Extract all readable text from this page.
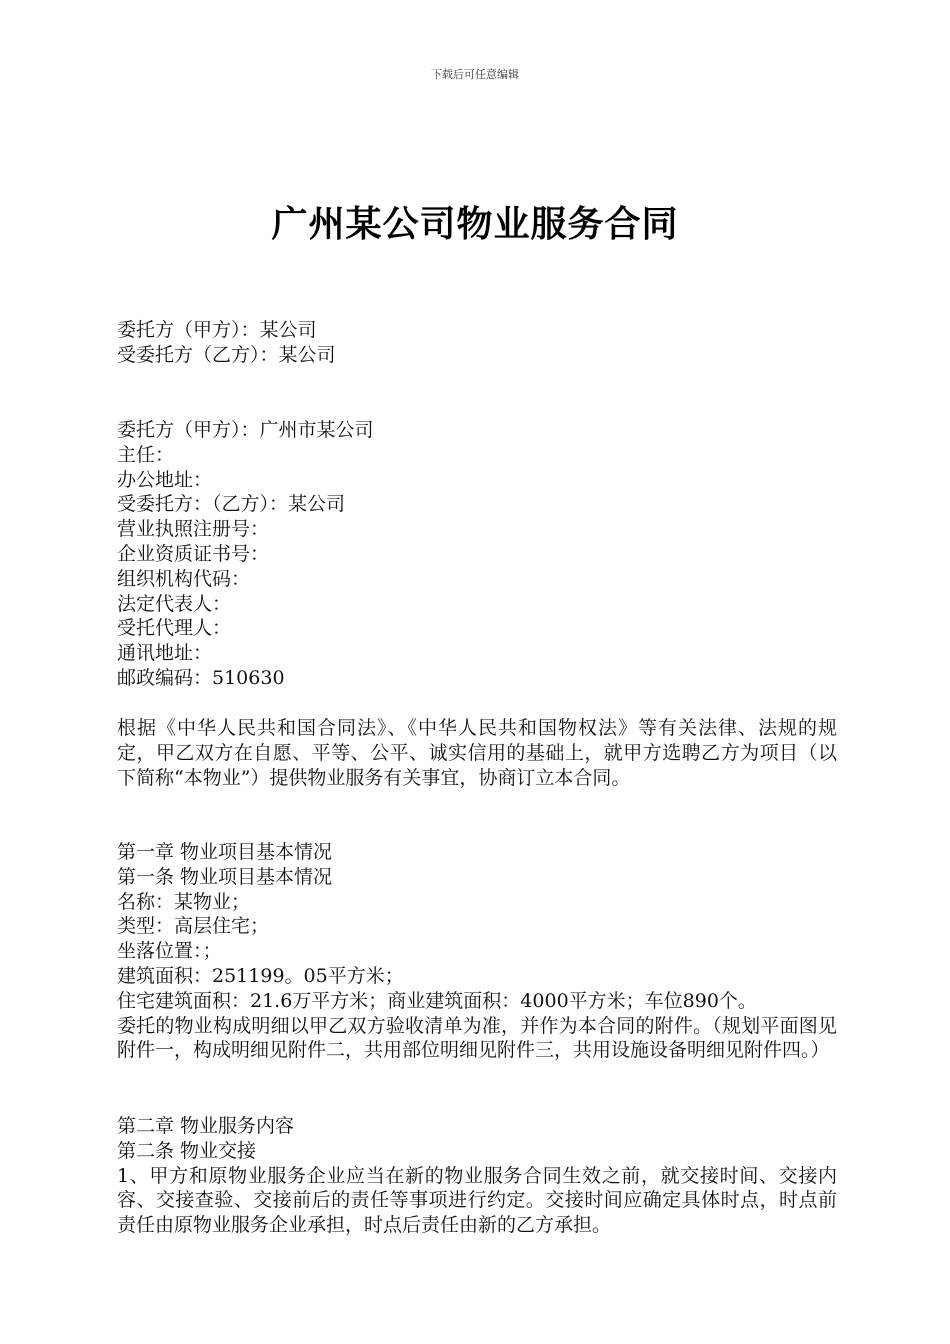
下载后可任意编辑
广州某公司物业服务合同
委托方（甲方）：某公司
受委托方（乙方）：某公司
委托方（甲方）：广州市某公司
主任：
办公地址：
受委托方：（乙方）：某公司
营业执照注册号：
企业资质证书号：
组织机构代码：
法定代表人：
受托代理人：
通讯地址：
邮政编码：510630
根据《中华人民共和国合同法》、《中华人民共和国物权法》等有关法律、法规的规定，甲乙双方在自愿、平等、公平、诚实信用的基础上，就甲方选聘乙方为项目（以下简称“本物业”）提供物业服务有关事宜，协商订立本合同。
第一章 物业项目基本情况
第一条 物业项目基本情况
名称：某物业；
类型：高层住宅；
坐落位置：；
建筑面积：251199。05平方米；
住宅建筑面积：21.6万平方米；商业建筑面积：4000平方米；车位890个。
委托的物业构成明细以甲乙双方验收清单为准，并作为本合同的附件。（规划平面图见附件一，构成明细见附件二，共用部位明细见附件三，共用设施设备明细见附件四。）
第二章 物业服务内容
第二条 物业交接
1、甲方和原物业服务企业应当在新的物业服务合同生效之前，就交接时间、交接内容、交接查验、交接前后的责任等事项进行约定。交接时间应确定具体时点，时点前责任由原物业服务企业承担，时点后责任由新的乙方承担。
